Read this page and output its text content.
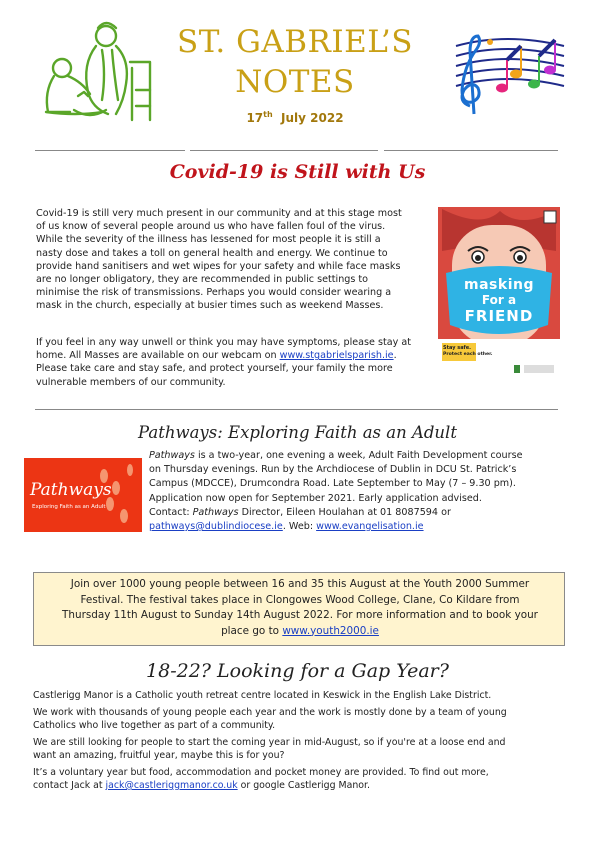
ST. GABRIEL’S
NOTES
17th July 2022
Covid-19 is Still with Us
Covid-19 is still very much present in our community and at this stage most
of us know of several people around us who have fallen foul of the virus.
While the severity of the illness has lessened for most people it is still a
nasty dose and takes a toll on general health and energy. We continue to
provide hand sanitisers and wet wipes for your safety and while face masks
are no longer obligatory, they are recommended in public settings to
minimise the risk of transmissions. Perhaps you would consider wearing a
mask in the church, especially at busier times such as weekend Masses.
If you feel in any way unwell or think you may have symptoms, please stay at
home. All Masses are available on our webcam on www.stgabrielsparish.ie.
Please take care and stay safe, and protect yourself, your family the more
vulnerable members of our community.
masking
For a
FRIEND
Stay safe.
Protect each other.
Pathways: Exploring Faith as an Adult
Pathways
Exploring Faith as an Adult
Pathways is a two-year, one evening a week, Adult Faith Development course
on Thursday evenings. Run by the Archdiocese of Dublin in DCU St. Patrick’s
Campus (MDCCE), Drumcondra Road. Late September to May (7 – 9.30 pm).
Application now open for September 2021. Early application advised.
Contact: Pathways Director, Eileen Houlahan at 01 8087594 or
pathways@dublindiocese.ie. Web: www.evangelisation.ie
Join over 1000 young people between 16 and 35 this August at the Youth 2000 Summer
Festival. The festival takes place in Clongowes Wood College, Clane, Co Kildare from
Thursday 11th August to Sunday 14th August 2022. For more information and to book your
place go to www.youth2000.ie
18-22? Looking for a Gap Year?
Castlerigg Manor is a Catholic youth retreat centre located in Keswick in the English Lake District.
We work with thousands of young people each year and the work is mostly done by a team of young
Catholics who live together as part of a community.
We are still looking for people to start the coming year in mid-August, so if you're at a loose end and
want an amazing, fruitful year, maybe this is for you?
It’s a voluntary year but food, accommodation and pocket money are provided. To find out more,
contact Jack at jack@castleriggmanor.co.uk or google Castlerigg Manor.
